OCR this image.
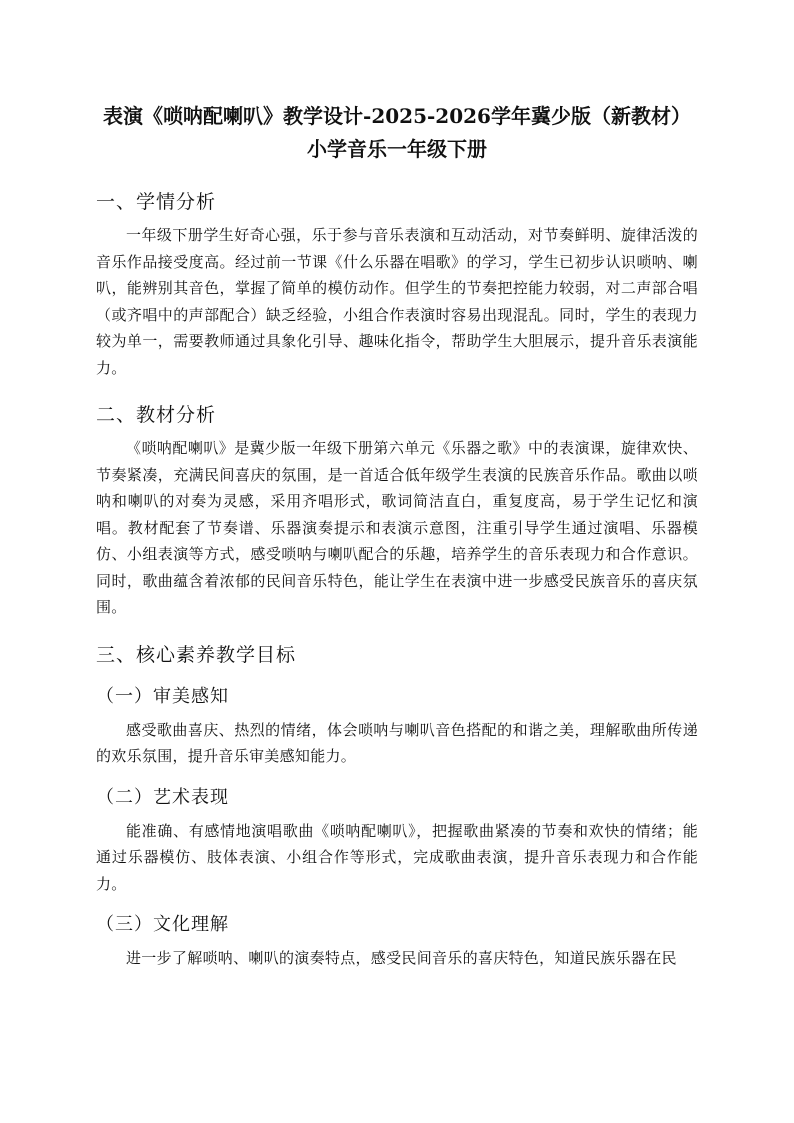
表演《唢呐配喇叭》教学设计-2025-2026学年冀少版（新教材）小学音乐一年级下册
一、学情分析

一年级下册学生好奇心强，乐于参与音乐表演和互动活动，对节奏鲜明、旋律活泼的音乐作品接受度高。经过前一节课《什么乐器在唱歌》的学习，学生已初步认识唢呐、喇叭，能辨别其音色，掌握了简单的模仿动作。但学生的节奏把控能力较弱，对二声部合唱（或齐唱中的声部配合）缺乏经验，小组合作表演时容易出现混乱。同时，学生的表现力较为单一，需要教师通过具象化引导、趣味化指令，帮助学生大胆展示，提升音乐表演能力。

二、教材分析

《唢呐配喇叭》是冀少版一年级下册第六单元《乐器之歌》中的表演课，旋律欢快、节奏紧凑，充满民间喜庆的氛围，是一首适合低年级学生表演的民族音乐作品。歌曲以唢呐和喇叭的对奏为灵感，采用齐唱形式，歌词简洁直白，重复度高，易于学生记忆和演唱。教材配套了节奏谱、乐器演奏提示和表演示意图，注重引导学生通过演唱、乐器模仿、小组表演等方式，感受唢呐与喇叭配合的乐趣，培养学生的音乐表现力和合作意识。同时，歌曲蕴含着浓郁的民间音乐特色，能让学生在表演中进一步感受民族音乐的喜庆氛围。

三、核心素养教学目标
（一）审美感知

感受歌曲喜庆、热烈的情绪，体会唢呐与喇叭音色搭配的和谐之美，理解歌曲所传递的欢乐氛围，提升音乐审美感知能力。

（二）艺术表现

能准确、有感情地演唱歌曲《唢呐配喇叭》，把握歌曲紧凑的节奏和欢快的情绪；能通过乐器模仿、肢体表演、小组合作等形式，完成歌曲表演，提升音乐表现力和合作能力。

（三）文化理解

进一步了解唢呐、喇叭的演奏特点，感受民间音乐的喜庆特色，知道民族乐器在民
